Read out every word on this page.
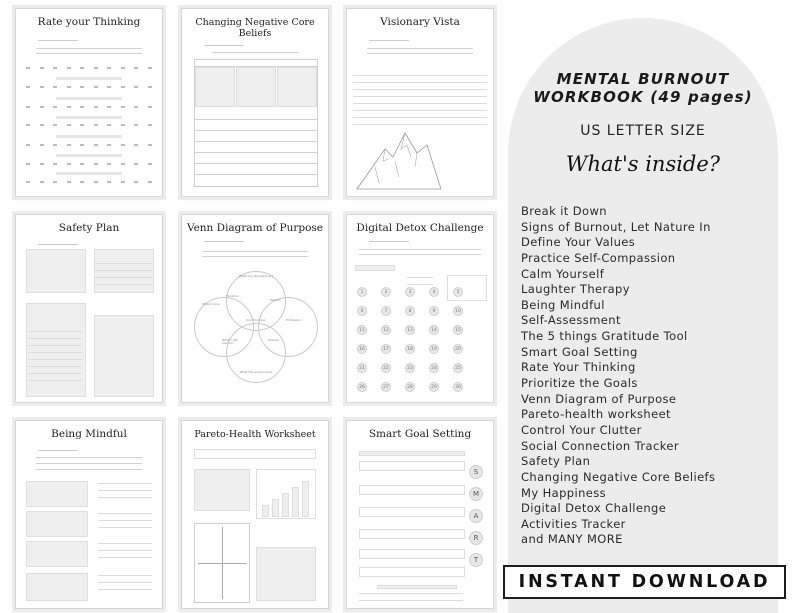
Rate your Thinking	Changing Negative Core Beliefs
Visionary Vista
Safety Plan	Venn Diagram of Purpose
What my strengths are
Vocation
Mission
Profession
Your Purpose
What I get paid for
Passion
What the world needs
What I Love
Digital Detox Challenge
1	2	3	4	5
6	7	8	9	10
11	12	13	14	15
16	17	18	19	20
21	22	23	24	25
26	27	28	29	30
Being Mindful	Pareto-Health Worksheet	Smart Goal Setting
S
M
A
R
T
MENTAL BURNOUT
WORKBOOK (49 pages)
US LETTER SIZE
What's inside?
Break it Down
Signs of Burnout, Let Nature In
Define Your Values
Practice Self-Compassion
Calm Yourself
Laughter Therapy
Being Mindful
Self-Assessment
The 5 things Gratitude Tool
Smart Goal Setting
Rate Your Thinking
Prioritize the Goals
Venn Diagram of Purpose
Pareto-health worksheet
Control Your Clutter
Social Connection Tracker
Safety Plan
Changing Negative Core Beliefs
My Happiness
Digital Detox Challenge
Activities Tracker
and MANY MORE
INSTANT DOWNLOAD
